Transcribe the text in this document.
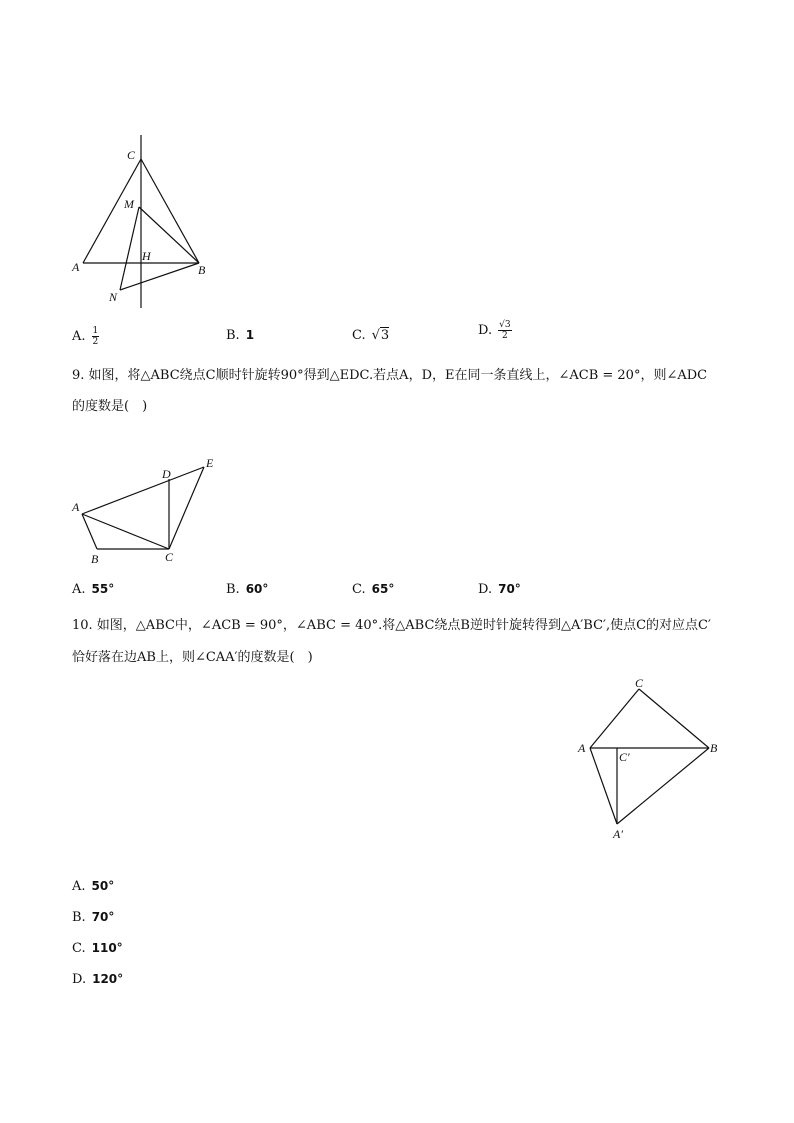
C
M
A
H
B
N
A. $\frac{1}{2}$	B. 1	C. √3	D. $\frac{√3}{2}$
9. 如图，将△ABC绕点C顺时针旋转90°得到△EDC.若点A，D，E在同一条直线上，∠ACB = 20°，则∠ADC
的度数是(　)
A
B	C
D
E
A. 55°	B. 60°	C. 65°	D. 70°
10. 如图，△ABC中，∠ACB = 90°，∠ABC = 40°.将△ABC绕点B逆时针旋转得到△A′BC′,使点C的对应点C′
恰好落在边AB上，则∠CAA′的度数是(　)
C
A
C′
B
A′
A. 50°
B. 70°
C. 110°
D. 120°
